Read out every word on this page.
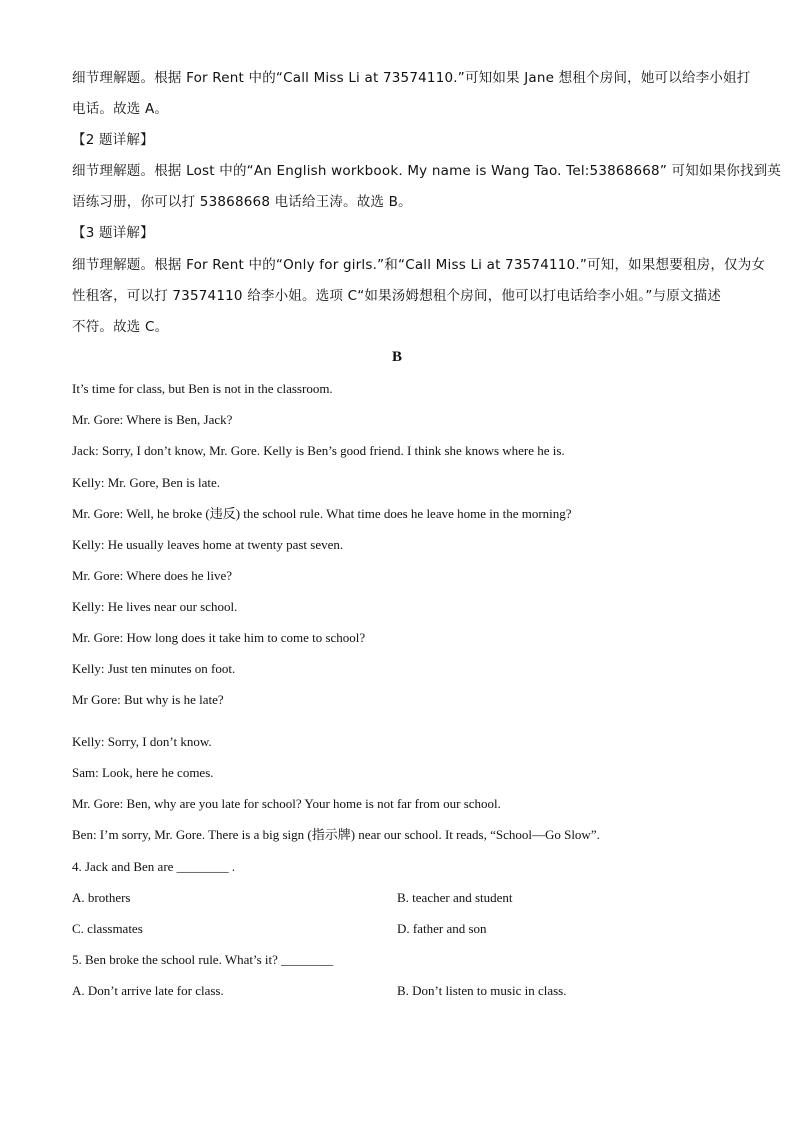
细节理解题。根据 For Rent 中的“Call Miss Li at 73574110.”可知如果 Jane 想租个房间，她可以给李小姐打
电话。故选 A。
【2 题详解】
细节理解题。根据 Lost 中的“An English workbook. My name is Wang Tao. Tel:53868668” 可知如果你找到英
语练习册，你可以打 53868668 电话给王涛。故选 B。
【3 题详解】
细节理解题。根据 For Rent 中的“Only for girls.”和“Call Miss Li at 73574110.”可知，如果想要租房，仅为女
性租客，可以打 73574110 给李小姐。选项 C“如果汤姆想租个房间，他可以打电话给李小姐。”与原文描述
不符。故选 C。
B
It’s time for class, but Ben is not in the classroom.
Mr. Gore: Where is Ben, Jack?
Jack: Sorry, I don’t know, Mr. Gore. Kelly is Ben’s good friend. I think she knows where he is.
Kelly: Mr. Gore, Ben is late.
Mr. Gore: Well, he broke (违反) the school rule. What time does he leave home in the morning?
Kelly: He usually leaves home at twenty past seven.
Mr. Gore: Where does he live?
Kelly: He lives near our school.
Mr. Gore: How long does it take him to come to school?
Kelly: Just ten minutes on foot.
Mr Gore: But why is he late?
Kelly: Sorry, I don’t know.
Sam: Look, here he comes.
Mr. Gore: Ben, why are you late for school? Your home is not far from our school.
Ben: I’m sorry, Mr. Gore. There is a big sign (指示牌) near our school. It reads, “School—Go Slow”.
4. Jack and Ben are ________ .
A. brothers	B. teacher and student
C. classmates	D. father and son
5. Ben broke the school rule. What’s it? ________
A. Don’t arrive late for class.	B. Don’t listen to music in class.
